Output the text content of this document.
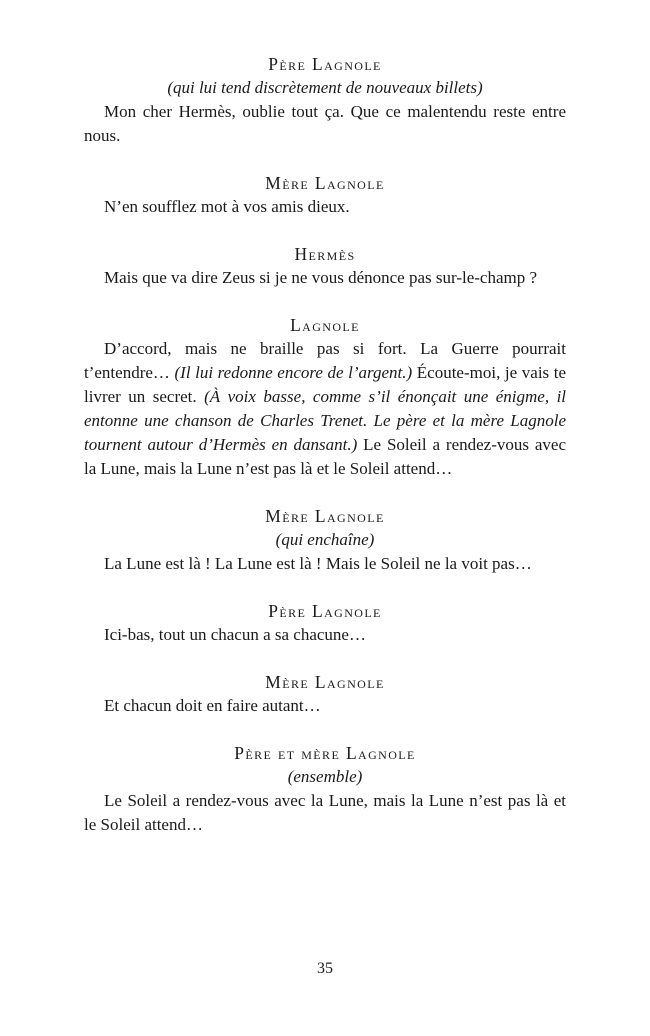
Père Lagnole

(qui lui tend discrètement de nouveaux billets)

Mon cher Hermès, oublie tout ça. Que ce malentendu reste entre nous.

Mère Lagnole

N’en soufflez mot à vos amis dieux.

Hermès

Mais que va dire Zeus si je ne vous dénonce pas sur-le-champ ?

Lagnole

D’accord, mais ne braille pas si fort. La Guerre pourrait t’entendre… (Il lui redonne encore de l’argent.) Écoute-moi, je vais te livrer un secret. (À voix basse, comme s’il énonçait une énigme, il entonne une chanson de Charles Trenet. Le père et la mère Lagnole tournent autour d’Hermès en dansant.) Le Soleil a rendez-vous avec la Lune, mais la Lune n’est pas là et le Soleil attend…

Mère Lagnole

(qui enchaîne)

La Lune est là ! La Lune est là ! Mais le Soleil ne la voit pas…

Père Lagnole

Ici-bas, tout un chacun a sa chacune…

Mère Lagnole

Et chacun doit en faire autant…

Père et mère Lagnole

(ensemble)

Le Soleil a rendez-vous avec la Lune, mais la Lune n’est pas là et le Soleil attend…

35
